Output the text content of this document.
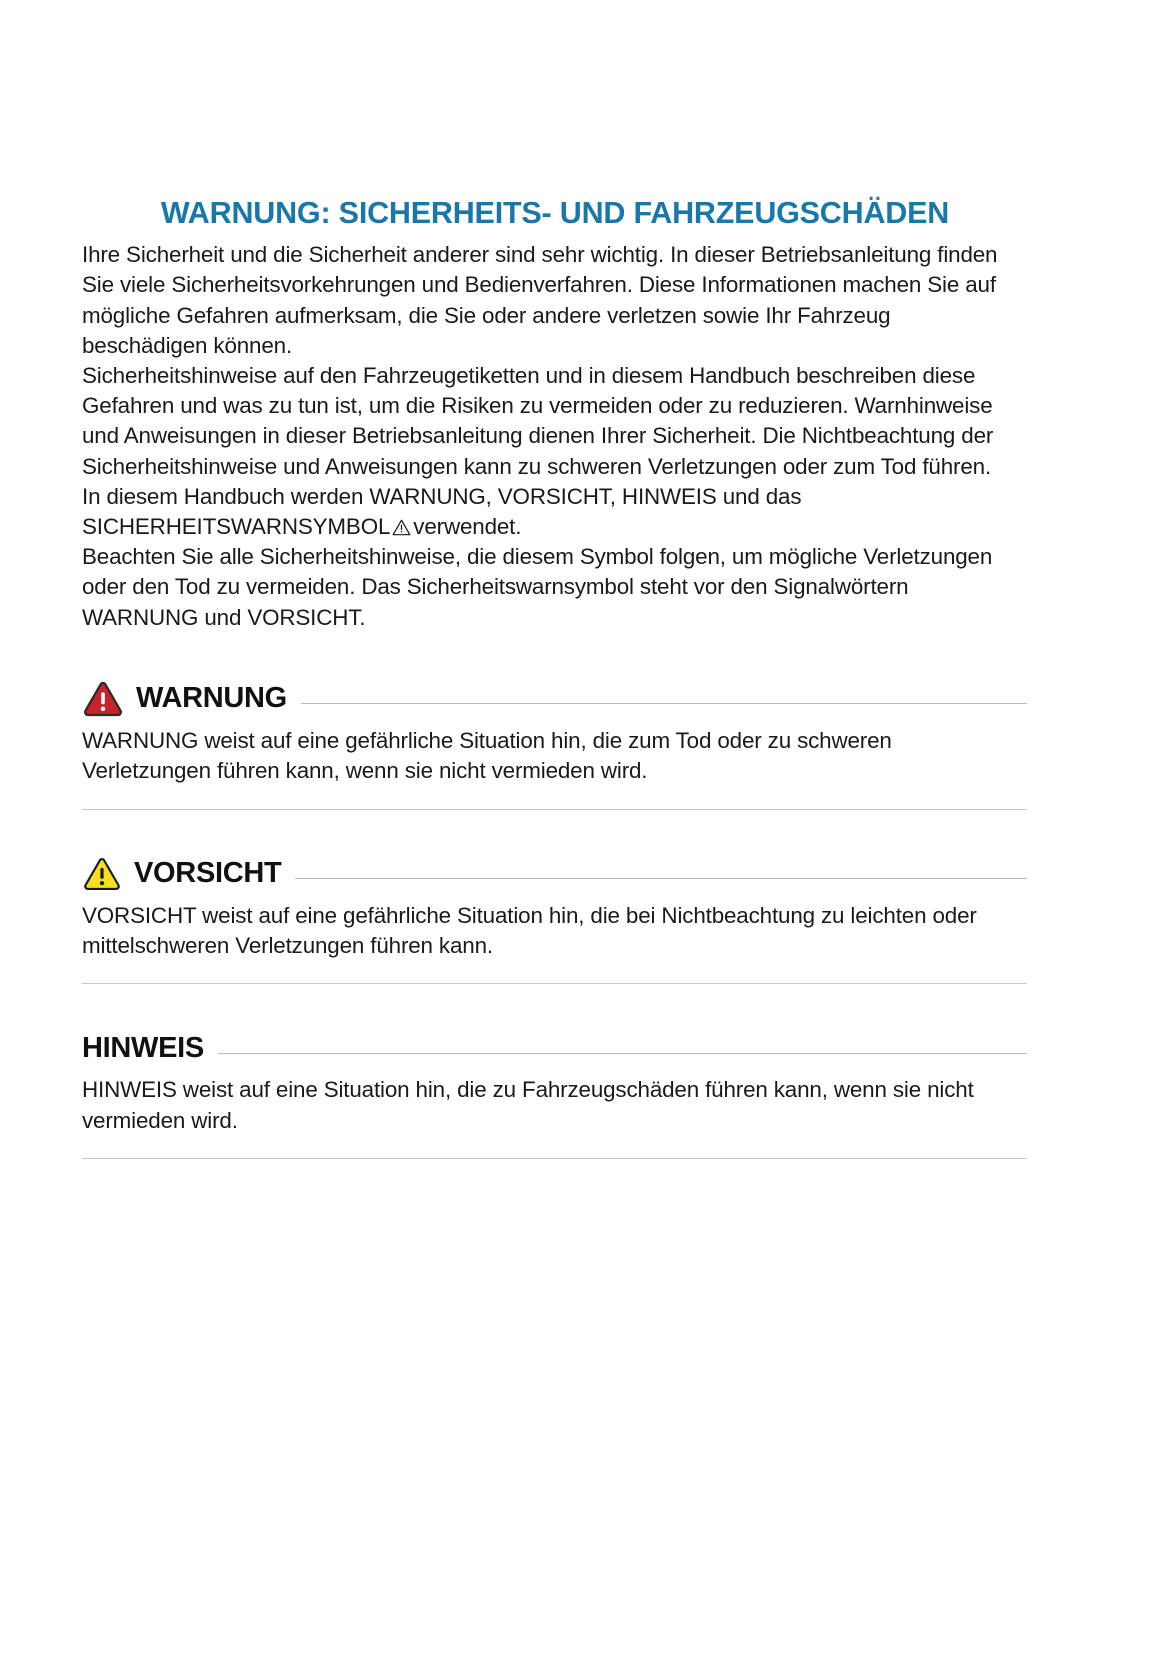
WARNUNG: SICHERHEITS- UND FAHRZEUGSCHÄDEN

Ihre Sicherheit und die Sicherheit anderer sind sehr wichtig. In dieser Betriebsanleitung finden Sie viele Sicherheitsvorkehrungen und Bedienverfahren. Diese Informationen machen Sie auf mögliche Gefahren aufmerksam, die Sie oder andere verletzen sowie Ihr Fahrzeug beschädigen können.

Sicherheitshinweise auf den Fahrzeugetiketten und in diesem Handbuch beschreiben diese Gefahren und was zu tun ist, um die Risiken zu vermeiden oder zu reduzieren. Warnhinweise und Anweisungen in dieser Betriebsanleitung dienen Ihrer Sicherheit. Die Nichtbeachtung der Sicherheitshinweise und Anweisungen kann zu schweren Verletzungen oder zum Tod führen.

In diesem Handbuch werden WARNUNG, VORSICHT, HINWEIS und das SICHERHEITSWARNSYMBOL verwendet.

Beachten Sie alle Sicherheitshinweise, die diesem Symbol folgen, um mögliche Verletzungen oder den Tod zu vermeiden. Das Sicherheitswarnsymbol steht vor den Signalwörtern WARNUNG und VORSICHT.

WARNUNG

WARNUNG weist auf eine gefährliche Situation hin, die zum Tod oder zu schweren Verletzungen führen kann, wenn sie nicht vermieden wird.

VORSICHT

VORSICHT weist auf eine gefährliche Situation hin, die bei Nichtbeachtung zu leichten oder mittelschweren Verletzungen führen kann.

HINWEIS

HINWEIS weist auf eine Situation hin, die zu Fahrzeugschäden führen kann, wenn sie nicht vermieden wird.
